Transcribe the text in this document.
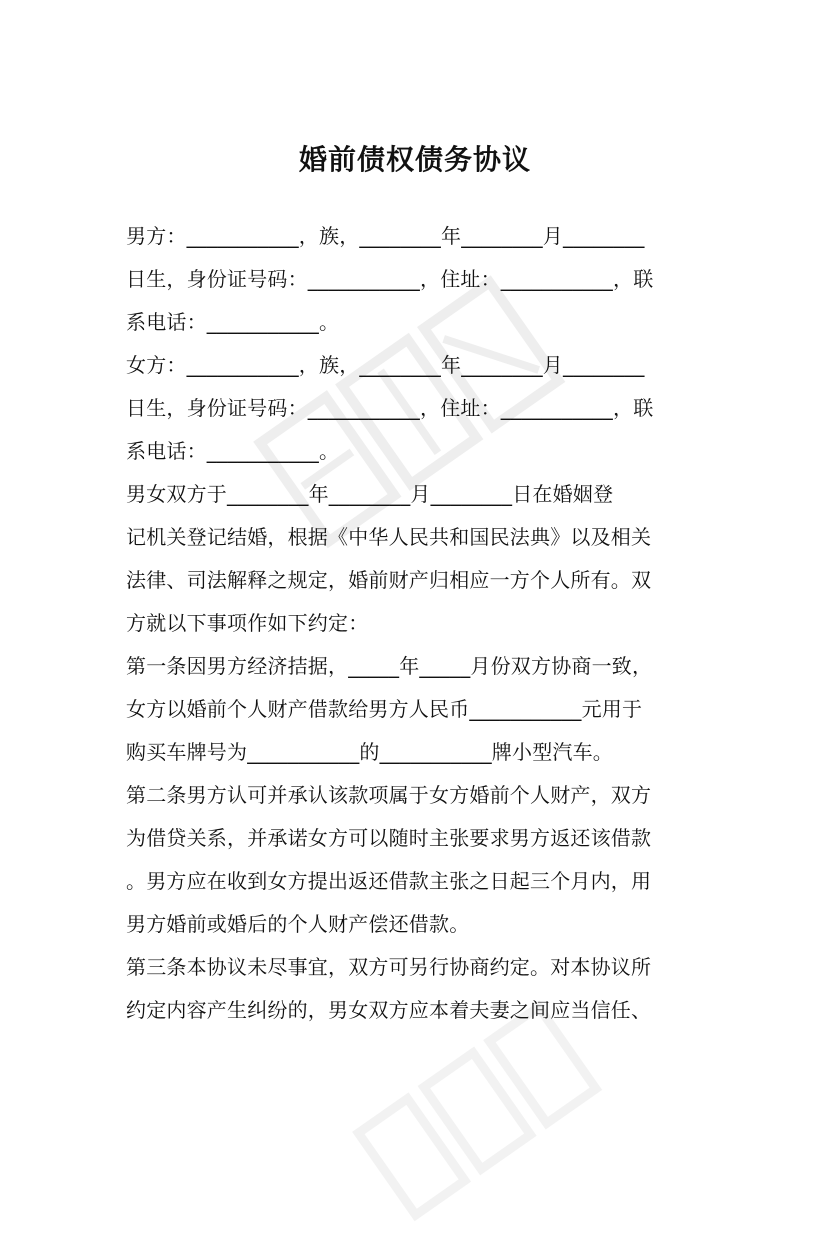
婚前债权债务协议
男方：___________，族，________年________月________
日生，身份证号码：___________，住址：___________，联
系电话：___________。
女方：___________，族，________年________月________
日生，身份证号码：___________，住址：___________，联
系电话：___________。
男女双方于________年________月________日在婚姻登
记机关登记结婚，根据《中华人民共和国民法典》以及相关
法律、司法解释之规定，婚前财产归相应一方个人所有。双
方就以下事项作如下约定：
第一条因男方经济拮据，_____年_____月份双方协商一致，
女方以婚前个人财产借款给男方人民币___________元用于
购买车牌号为___________的___________牌小型汽车。
第二条男方认可并承认该款项属于女方婚前个人财产，双方
为借贷关系，并承诺女方可以随时主张要求男方返还该借款
。男方应在收到女方提出返还借款主张之日起三个月内，用
男方婚前或婚后的个人财产偿还借款。
第三条本协议未尽事宜，双方可另行协商约定。对本协议所
约定内容产生纠纷的，男女双方应本着夫妻之间应当信任、
